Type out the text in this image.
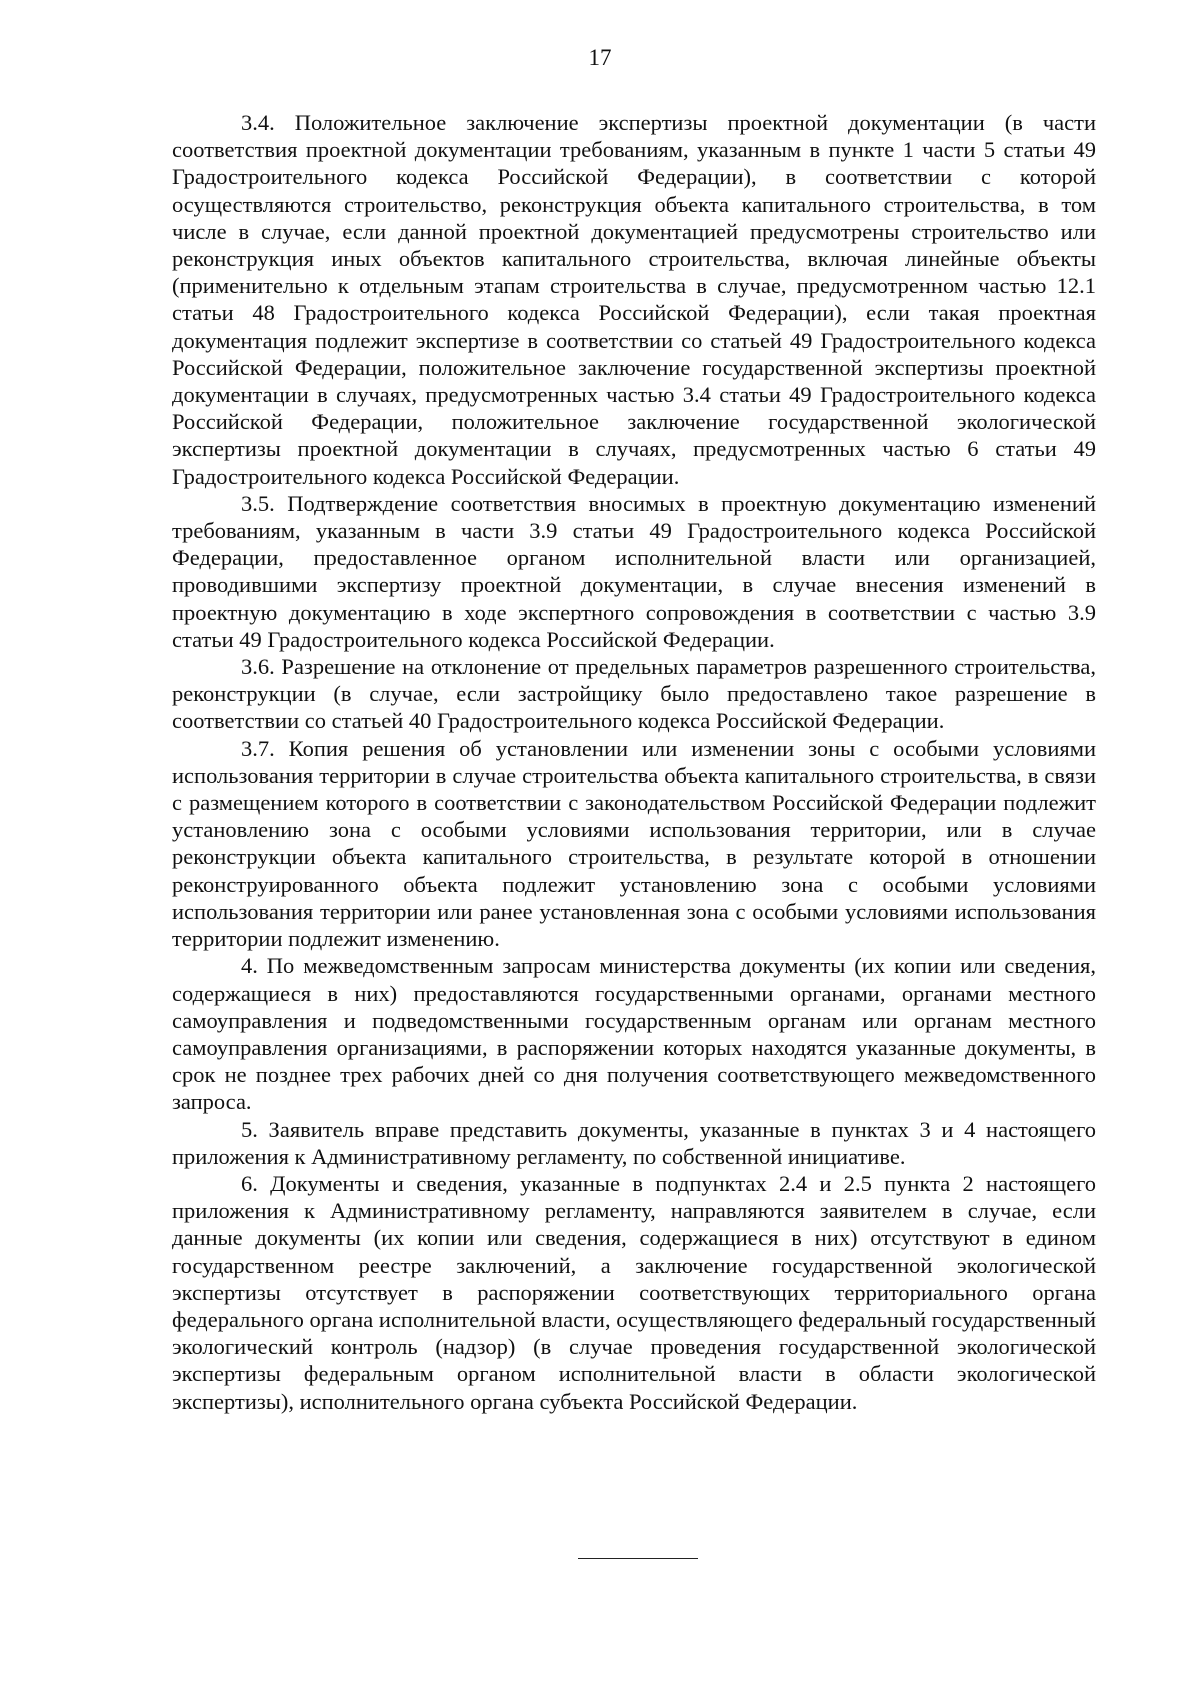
17

3.4. Положительное заключение экспертизы проектной документации (в части соответствия проектной документации требованиям, указанным в пункте 1 части 5 статьи 49 Градостроительного кодекса Российской Федерации), в соответствии с которой осуществляются строительство, реконструкция объекта капитального строительства, в том числе в случае, если данной проектной документацией предусмотрены строительство или реконструкция иных объектов капитального строительства, включая линейные объекты (применительно к отдельным этапам строительства в случае, предусмотренном частью 12.1 статьи 48 Градостроительного кодекса Российской Федерации), если такая проектная документация подлежит экспертизе в соответствии со статьей 49 Градостроительного кодекса Российской Федерации, положительное заключение государственной экспертизы проектной документации в случаях, предусмотренных частью 3.4 статьи 49 Градостроительного кодекса Российской Федерации, положительное заключение государственной экологической экспертизы проектной документации в случаях, предусмотренных частью 6 статьи 49 Градостроительного кодекса Российской Федерации.

3.5. Подтверждение соответствия вносимых в проектную документацию изменений требованиям, указанным в части 3.9 статьи 49 Градостроительного кодекса Российской Федерации, предоставленное органом исполнительной власти или организацией, проводившими экспертизу проектной документации, в случае внесения изменений в проектную документацию в ходе экспертного сопровождения в соответствии с частью 3.9 статьи 49 Градостроительного кодекса Российской Федерации.

3.6. Разрешение на отклонение от предельных параметров разрешенного строительства, реконструкции (в случае, если застройщику было предоставлено такое разрешение в соответствии со статьей 40 Градостроительного кодекса Российской Федерации.

3.7. Копия решения об установлении или изменении зоны с особыми условиями использования территории в случае строительства объекта капитального строительства, в связи с размещением которого в соответствии с законодательством Российской Федерации подлежит установлению зона с особыми условиями использования территории, или в случае реконструкции объекта капитального строительства, в результате которой в отношении реконструированного объекта подлежит установлению зона с особыми условиями использования территории или ранее установленная зона с особыми условиями использования территории подлежит изменению.

4. По межведомственным запросам министерства документы (их копии или сведения, содержащиеся в них) предоставляются государственными органами, органами местного самоуправления и подведомственными государственным органам или органам местного самоуправления организациями, в распоряжении которых находятся указанные документы, в срок не позднее трех рабочих дней со дня получения соответствующего межведомственного запроса.

5. Заявитель вправе представить документы, указанные в пунктах 3 и 4 настоящего приложения к Административному регламенту, по собственной инициативе.

6. Документы и сведения, указанные в подпунктах 2.4 и 2.5 пункта 2 настоящего приложения к Административному регламенту, направляются заявителем в случае, если данные документы (их копии или сведения, содержащиеся в них) отсутствуют в едином государственном реестре заключений, а заключение государственной экологической экспертизы отсутствует в распоряжении соответствующих территориального органа федерального органа исполнительной власти, осуществляющего федеральный государственный экологический контроль (надзор) (в случае проведения государственной экологической экспертизы федеральным органом исполнительной власти в области экологической экспертизы), исполнительного органа субъекта Российской Федерации.
